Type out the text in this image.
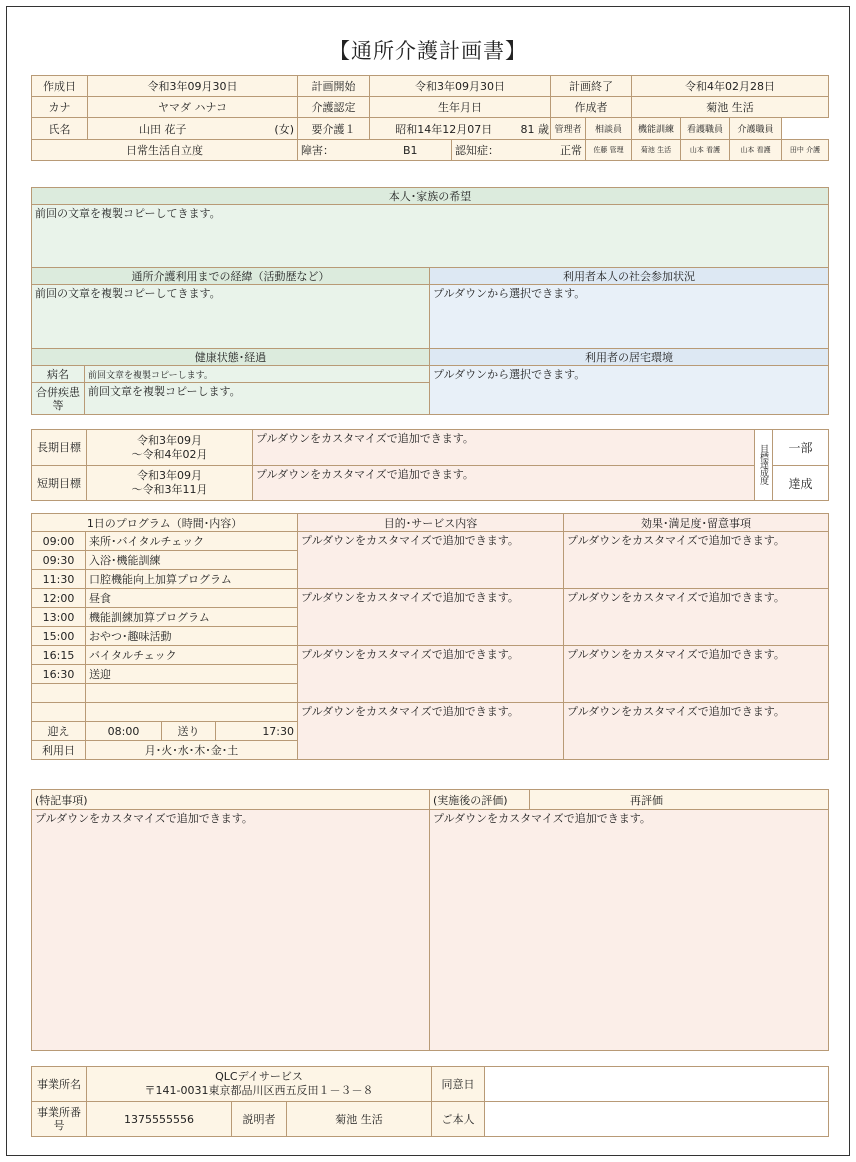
【通所介護計画書】
作成日	令和3年09月30日		計画開始	令和3年09月30日			計画終了		令和4年02月28日			
カナ	ヤマダ ハナコ		介護認定	生年月日			作成者		菊池 生活			
氏名	山田 花子	(女)	要介護１	昭和14年12月07日		81 歳	管理者	相談員	機能訓練	看護職員	介護職員
日常生活自立度			障害：	B1	認知症：	正常		佐藤 管理	菊池 生活	山本 看護	山本 看護	田中 介護
本人･家族の希望		
前回の文章を複製コピーしてきます。		
通所介護利用までの経緯（活動歴など）		利用者本人の社会参加状況
前回の文章を複製コピーしてきます。		プルダウンから選択できます。
健康状態･経過		利用者の居宅環境
病名	前回文章を複製コピーします。	プルダウンから選択できます。
合併疾患等	前回文章を複製コピーします。	
長期目標	令和3年09月
～令和4年02月	プルダウンをカスタマイズで追加できます。	目標達成度	一部
短期目標	令和3年09月
～令和3年11月	プルダウンをカスタマイズで追加できます。		達成
1日のプログラム（時間･内容）				目的･サービス内容	効果･満足度･留意事項
09:00	来所･バイタルチェック			プルダウンをカスタマイズで追加できます。	プルダウンをカスタマイズで追加できます。
09:30	入浴･機能訓練				
11:30	口腔機能向上加算プログラム				
12:00	昼食			プルダウンをカスタマイズで追加できます。	プルダウンをカスタマイズで追加できます。
13:00	機能訓練加算プログラム				
15:00	おやつ･趣味活動				
16:15	バイタルチェック			プルダウンをカスタマイズで追加できます。	プルダウンをカスタマイズで追加できます。
16:30	送迎				

				プルダウンをカスタマイズで追加できます。	プルダウンをカスタマイズで追加できます。
迎え	08:00	送り	17:30		
利用日	月･火･水･木･金･土				
(特記事項)	(実施後の評価)	再評価
プルダウンをカスタマイズで追加できます。	プルダウンをカスタマイズで追加できます。	
事業所名	QLCデイサービス
〒141-0031東京都品川区西五反田１－３－８			同意日	
事業所番号	1375555556	説明者	菊池 生活	ご本人	
